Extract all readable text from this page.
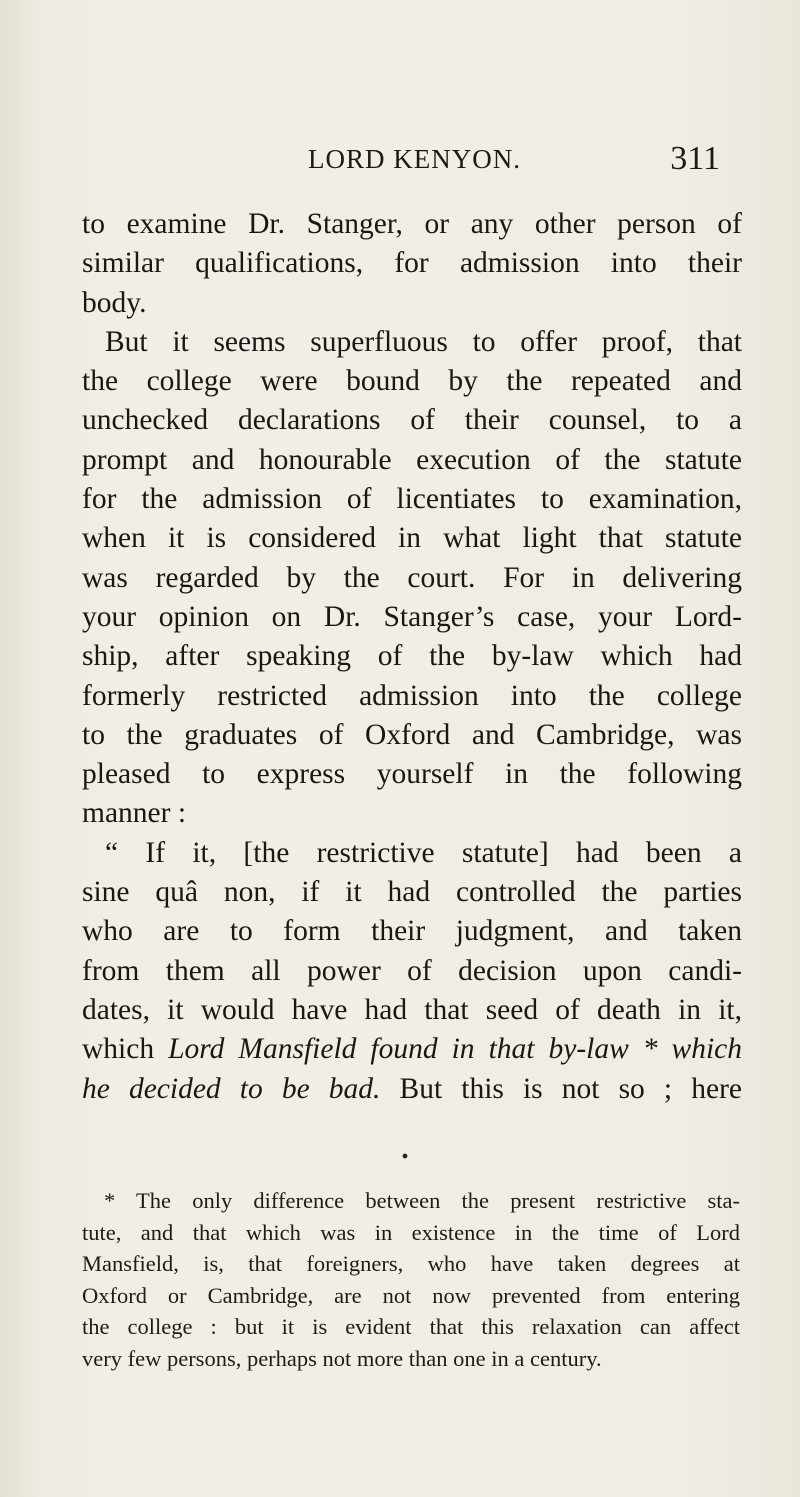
LORD KENYON.	311
to examine Dr. Stanger, or any other person of
similar qualifications, for admission into their
body.
But it seems superfluous to offer proof, that
the college were bound by the repeated and
unchecked declarations of their counsel, to a
prompt and honourable execution of the statute
for the admission of licentiates to examination,
when it is considered in what light that statute
was regarded by the court. For in delivering
your opinion on Dr. Stanger’s case, your Lord-
ship, after speaking of the by-law which had
formerly restricted admission into the college
to the graduates of Oxford and Cambridge, was
pleased to express yourself in the following
manner :
“ If it, [the restrictive statute] had been a
sine quâ non, if it had controlled the parties
who are to form their judgment, and taken
from them all power of decision upon candi-
dates, it would have had that seed of death in it,
which Lord Mansfield found in that by-law * which
he decided to be bad. But this is not so ; here
* The only difference between the present restrictive sta-
tute, and that which was in existence in the time of Lord
Mansfield, is, that foreigners, who have taken degrees at
Oxford or Cambridge, are not now prevented from entering
the college : but it is evident that this relaxation can affect
very few persons, perhaps not more than one in a century.
